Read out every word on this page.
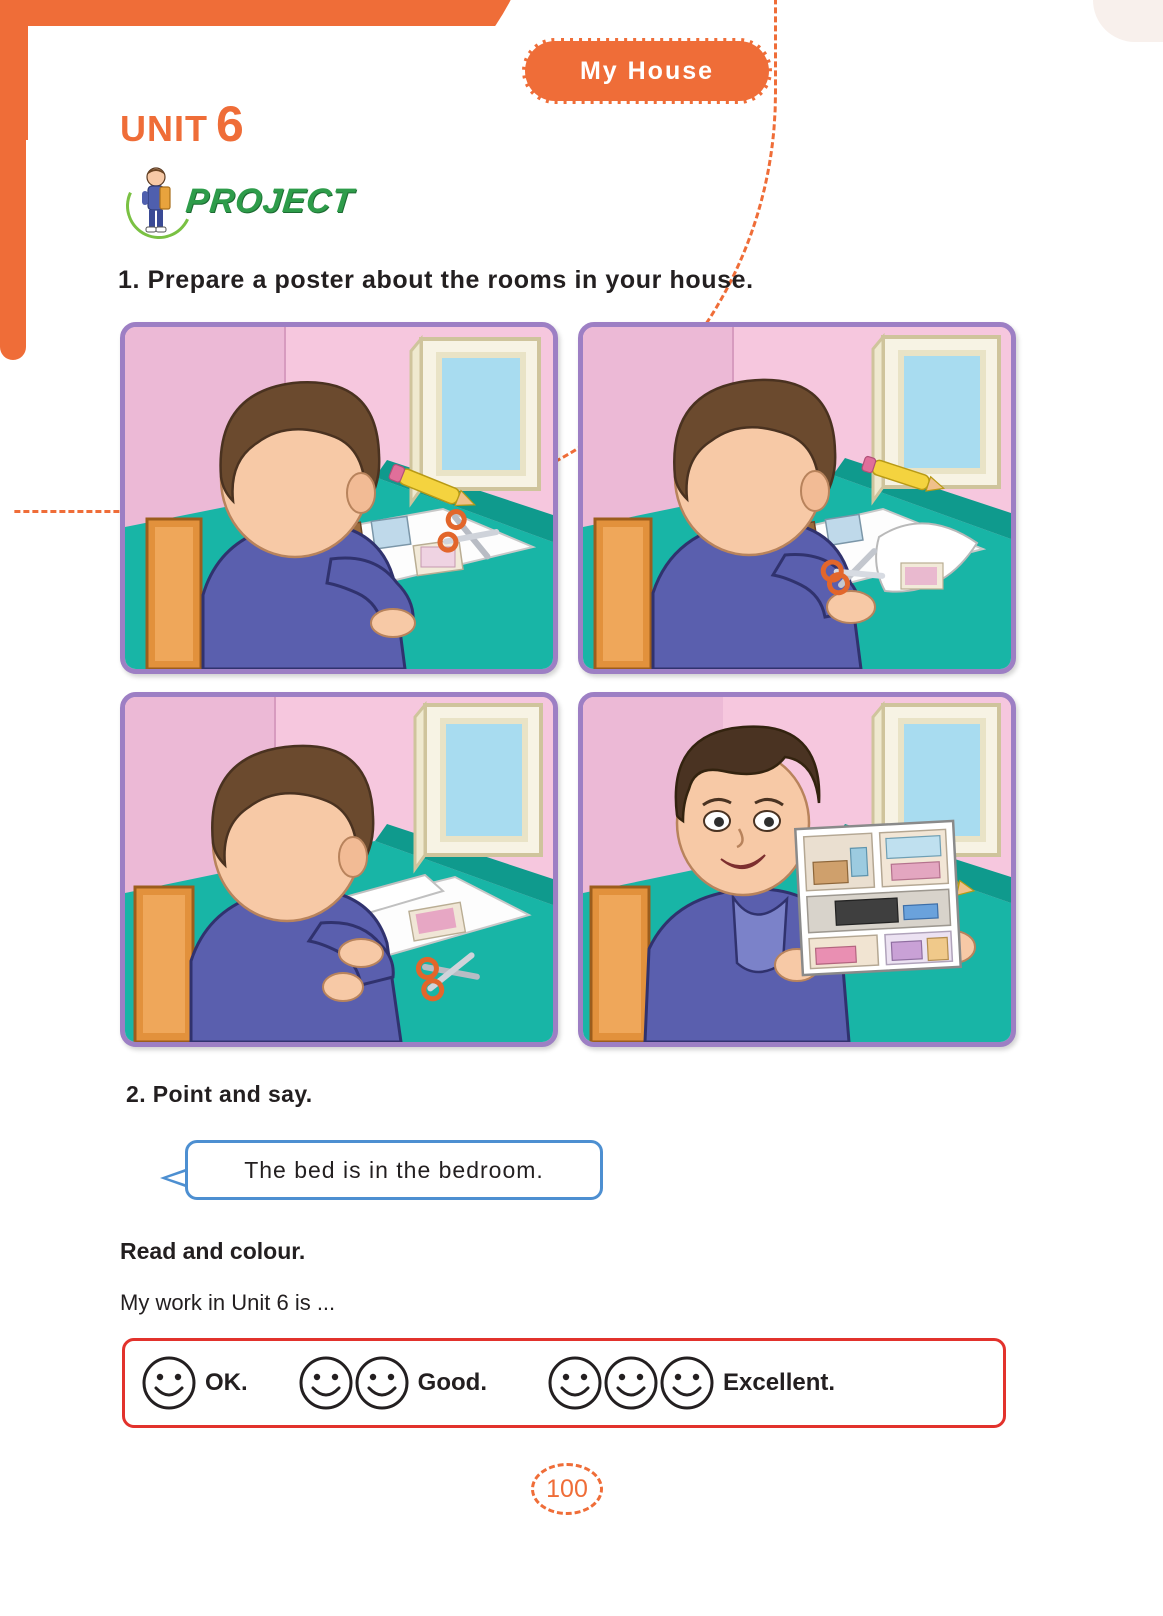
My House
UNIT 6
PROJECT
1. Prepare a poster about the rooms in your house.
2. Point and say.
The bed is in the bedroom.
Read and colour.
My work in Unit 6 is ...
OK.	Good.	Excellent.
100
